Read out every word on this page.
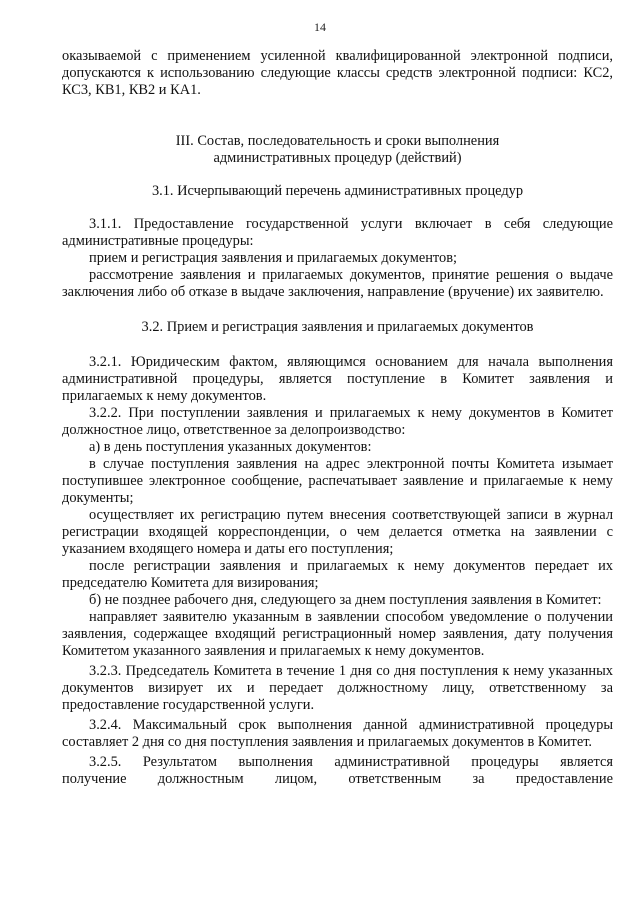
14

оказываемой с применением усиленной квалифицированной электронной подписи, допускаются к использованию следующие классы средств электронной подписи: КС2, КС3, КВ1, КВ2 и КА1.

III. Состав, последовательность и сроки выполнения

административных процедур (действий)

3.1. Исчерпывающий перечень административных процедур

3.1.1. Предоставление государственной услуги включает в себя следующие административные процедуры:

прием и регистрация заявления и прилагаемых документов;

рассмотрение заявления и прилагаемых документов, принятие решения о выдаче заключения либо об отказе в выдаче заключения, направление (вручение) их заявителю.

3.2. Прием и регистрация заявления и прилагаемых документов

3.2.1. Юридическим фактом, являющимся основанием для начала выполнения административной процедуры, является поступление в Комитет заявления и прилагаемых к нему документов.

3.2.2. При поступлении заявления и прилагаемых к нему документов в Комитет должностное лицо, ответственное за делопроизводство:

а) в день поступления указанных документов:

в случае поступления заявления на адрес электронной почты Комитета изымает поступившее электронное сообщение, распечатывает заявление и прилагаемые к нему документы;

осуществляет их регистрацию путем внесения соответствующей записи в журнал регистрации входящей корреспонденции, о чем делается отметка на заявлении с указанием входящего номера и даты его поступления;

после регистрации заявления и прилагаемых к нему документов передает их председателю Комитета для визирования;

б) не позднее рабочего дня, следующего за днем поступления заявления в Комитет:

направляет заявителю указанным в заявлении способом уведомление о получении заявления, содержащее входящий регистрационный номер заявления, дату получения Комитетом указанного заявления и прилагаемых к нему документов.

3.2.3. Председатель Комитета в течение 1 дня со дня поступления к нему указанных документов визирует их и передает должностному лицу, ответственному за предоставление государственной услуги.

3.2.4. Максимальный срок выполнения данной административной процедуры составляет 2 дня со дня поступления заявления и прилагаемых документов в Комитет.

3.2.5. Результатом выполнения административной процедуры является

получение должностным лицом, ответственным за предоставление
